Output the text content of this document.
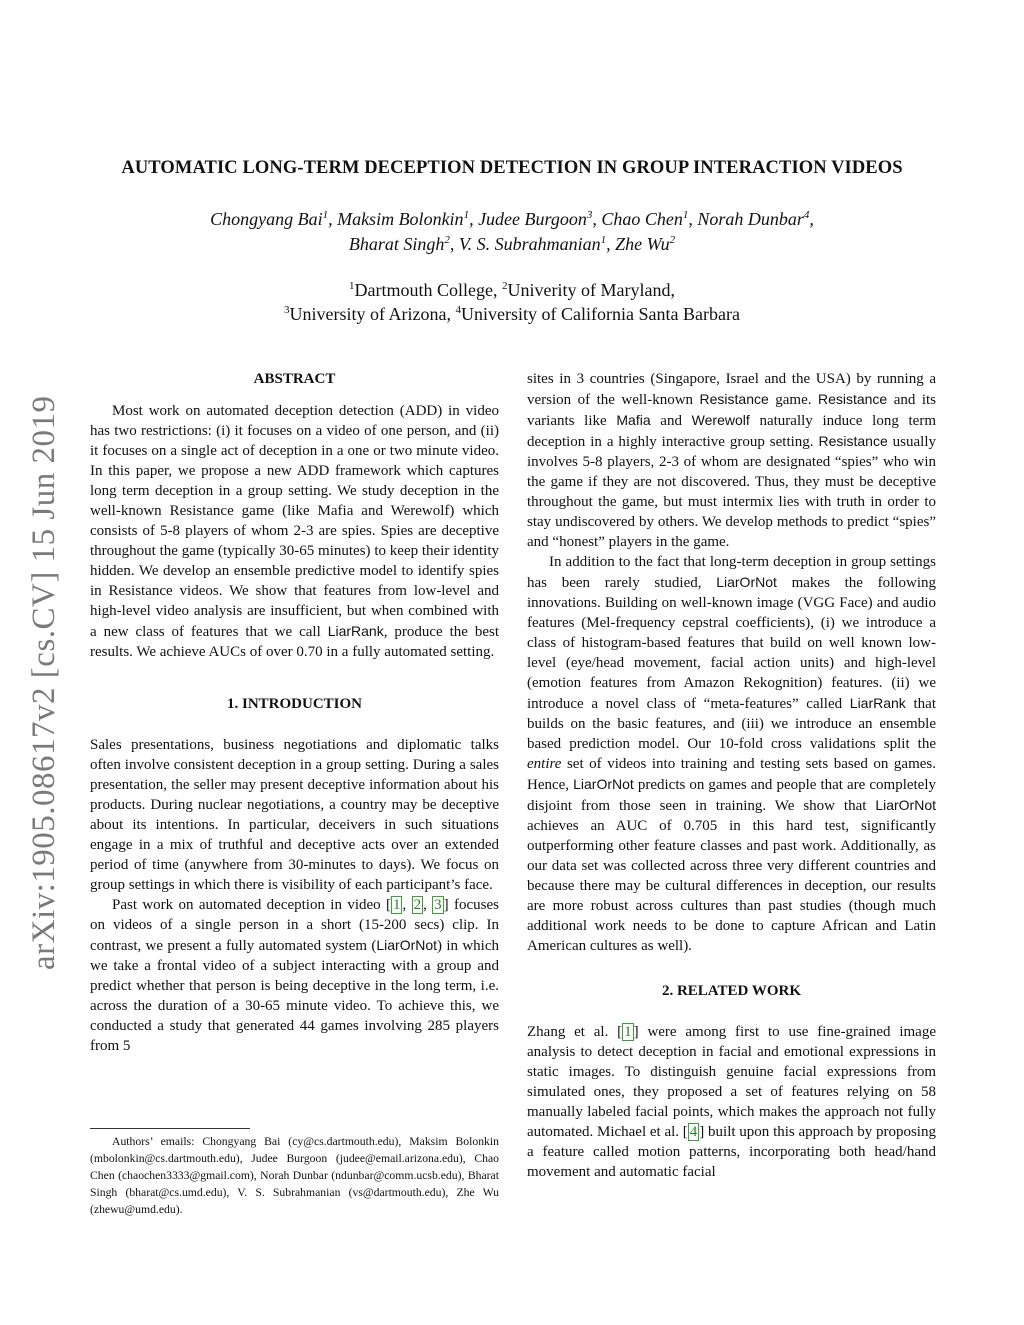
arXiv:1905.08617v2 [cs.CV] 15 Jun 2019
AUTOMATIC LONG-TERM DECEPTION DETECTION IN GROUP INTERACTION VIDEOS
Chongyang Bai$^1$, Maksim Bolonkin$^1$, Judee Burgoon$^3$, Chao Chen$^1$, Norah Dunbar$^4$,
Bharat Singh$^2$, V. S. Subrahmanian$^1$, Zhe Wu$^2$
$^1$Dartmouth College, $^2$Univerity of Maryland,
$^3$University of Arizona, $^4$University of California Santa Barbara

ABSTRACT

Most work on automated deception detection (ADD) in video has two restrictions: (i) it focuses on a video of one person, and (ii) it focuses on a single act of deception in a one or two minute video. In this paper, we propose a new ADD framework which captures long term deception in a group setting. We study deception in the well-known Resistance game (like Mafia and Werewolf) which consists of 5-8 players of whom 2-3 are spies. Spies are deceptive throughout the game (typically 30-65 minutes) to keep their identity hidden. We develop an ensemble predictive model to identify spies in Resistance videos. We show that features from low-level and high-level video analysis are insufficient, but when combined with a new class of features that we call LiarRank, produce the best results. We achieve AUCs of over 0.70 in a fully automated setting.

1. INTRODUCTION

Sales presentations, business negotiations and diplomatic talks often involve consistent deception in a group setting. During a sales presentation, the seller may present deceptive information about his products. During nuclear negotiations, a country may be deceptive about its intentions. In particular, deceivers in such situations engage in a mix of truthful and deceptive acts over an extended period of time (anywhere from 30-minutes to days). We focus on group settings in which there is visibility of each participant’s face.

Past work on automated deception in video [ 1 , 2 , 3 ] focuses on videos of a single person in a short (15-200 secs) clip. In contrast, we present a fully automated system (LiarOrNot) in which we take a frontal video of a subject interacting with a group and predict whether that person is being deceptive in the long term, i.e. across the duration of a 30-65 minute video. To achieve this, we conducted a study that generated 44 games involving 285 players from 5

Authors’ emails: Chongyang Bai (cy@cs.dartmouth.edu), Maksim Bolonkin (mbolonkin@cs.dartmouth.edu), Judee Burgoon (judee@email.arizona.edu), Chao Chen (chaochen3333@gmail.com), Norah Dunbar (ndunbar@comm.ucsb.edu), Bharat Singh (bharat@cs.umd.edu), V. S. Subrahmanian (vs@dartmouth.edu), Zhe Wu (zhewu@umd.edu).

sites in 3 countries (Singapore, Israel and the USA) by running a version of the well-known Resistance game. Resistance and its variants like Mafia and Werewolf naturally induce long term deception in a highly interactive group setting. Resistance usually involves 5-8 players, 2-3 of whom are designated “spies” who win the game if they are not discovered. Thus, they must be deceptive throughout the game, but must intermix lies with truth in order to stay undiscovered by others. We develop methods to predict “spies” and “honest” players in the game.

In addition to the fact that long-term deception in group settings has been rarely studied, LiarOrNot makes the following innovations. Building on well-known image (VGG Face) and audio features (Mel-frequency cepstral coefficients), (i) we introduce a class of histogram-based features that build on well known low-level (eye/head movement, facial action units) and high-level (emotion features from Amazon Rekognition) features. (ii) we introduce a novel class of “meta-features” called LiarRank that builds on the basic features, and (iii) we introduce an ensemble based prediction model. Our 10-fold cross validations split the entire set of videos into training and testing sets based on games. Hence, LiarOrNot predicts on games and people that are completely disjoint from those seen in training. We show that LiarOrNot achieves an AUC of 0.705 in this hard test, significantly outperforming other feature classes and past work. Additionally, as our data set was collected across three very different countries and because there may be cultural differences in deception, our results are more robust across cultures than past studies (though much additional work needs to be done to capture African and Latin American cultures as well).

2. RELATED WORK

Zhang et al. [ 1 ] were among first to use fine-grained image analysis to detect deception in facial and emotional expressions in static images. To distinguish genuine facial expressions from simulated ones, they proposed a set of features relying on 58 manually labeled facial points, which makes the approach not fully automated. Michael et al. [ 4 ] built upon this approach by proposing a feature called motion patterns, incorporating both head/hand movement and automatic facial
